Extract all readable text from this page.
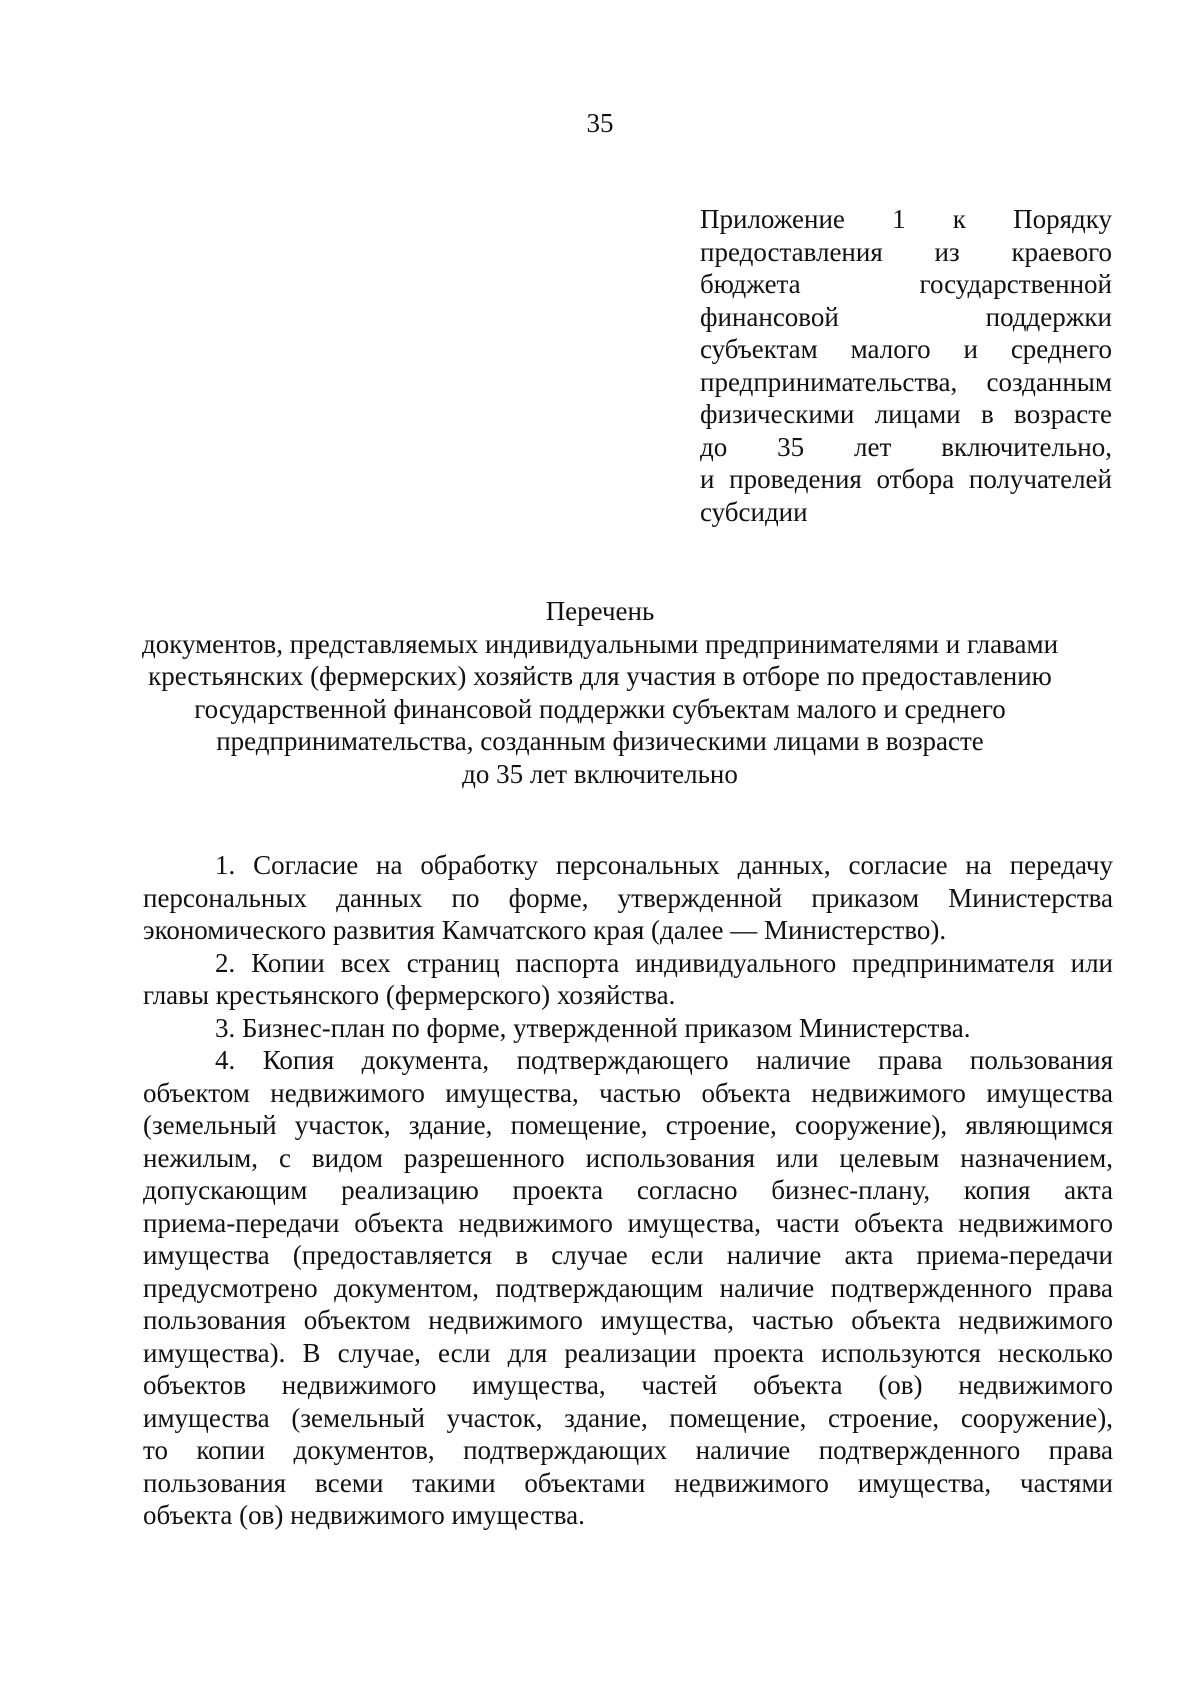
35
Приложение 1 к Порядку
предоставления из краевого
бюджета государственной
финансовой поддержки
субъектам малого и среднего
предпринимательства, созданным
физическими лицами в возрасте
до 35 лет включительно,
и проведения отбора получателей
субсидии
Перечень
документов, представляемых индивидуальными предпринимателями и главами
крестьянских (фермерских) хозяйств для участия в отборе по предоставлению
государственной финансовой поддержки субъектам малого и среднего
предпринимательства, созданным физическими лицами в возрасте
до 35 лет включительно
1. Согласие на обработку персональных данных, согласие на передачу
персональных данных по форме, утвержденной приказом Министерства
экономического развития Камчатского края (далее — Министерство).
2. Копии всех страниц паспорта индивидуального предпринимателя или
главы крестьянского (фермерского) хозяйства.
3. Бизнес-план по форме, утвержденной приказом Министерства.
4. Копия документа, подтверждающего наличие права пользования
объектом недвижимого имущества, частью объекта недвижимого имущества
(земельный участок, здание, помещение, строение, сооружение), являющимся
нежилым, с видом разрешенного использования или целевым назначением,
допускающим реализацию проекта согласно бизнес-плану, копия акта
приема-передачи объекта недвижимого имущества, части объекта недвижимого
имущества (предоставляется в случае если наличие акта приема-передачи
предусмотрено документом, подтверждающим наличие подтвержденного права
пользования объектом недвижимого имущества, частью объекта недвижимого
имущества). В случае, если для реализации проекта используются несколько
объектов недвижимого имущества, частей объекта (ов) недвижимого
имущества (земельный участок, здание, помещение, строение, сооружение),
то копии документов, подтверждающих наличие подтвержденного права
пользования всеми такими объектами недвижимого имущества, частями
объекта (ов) недвижимого имущества.
